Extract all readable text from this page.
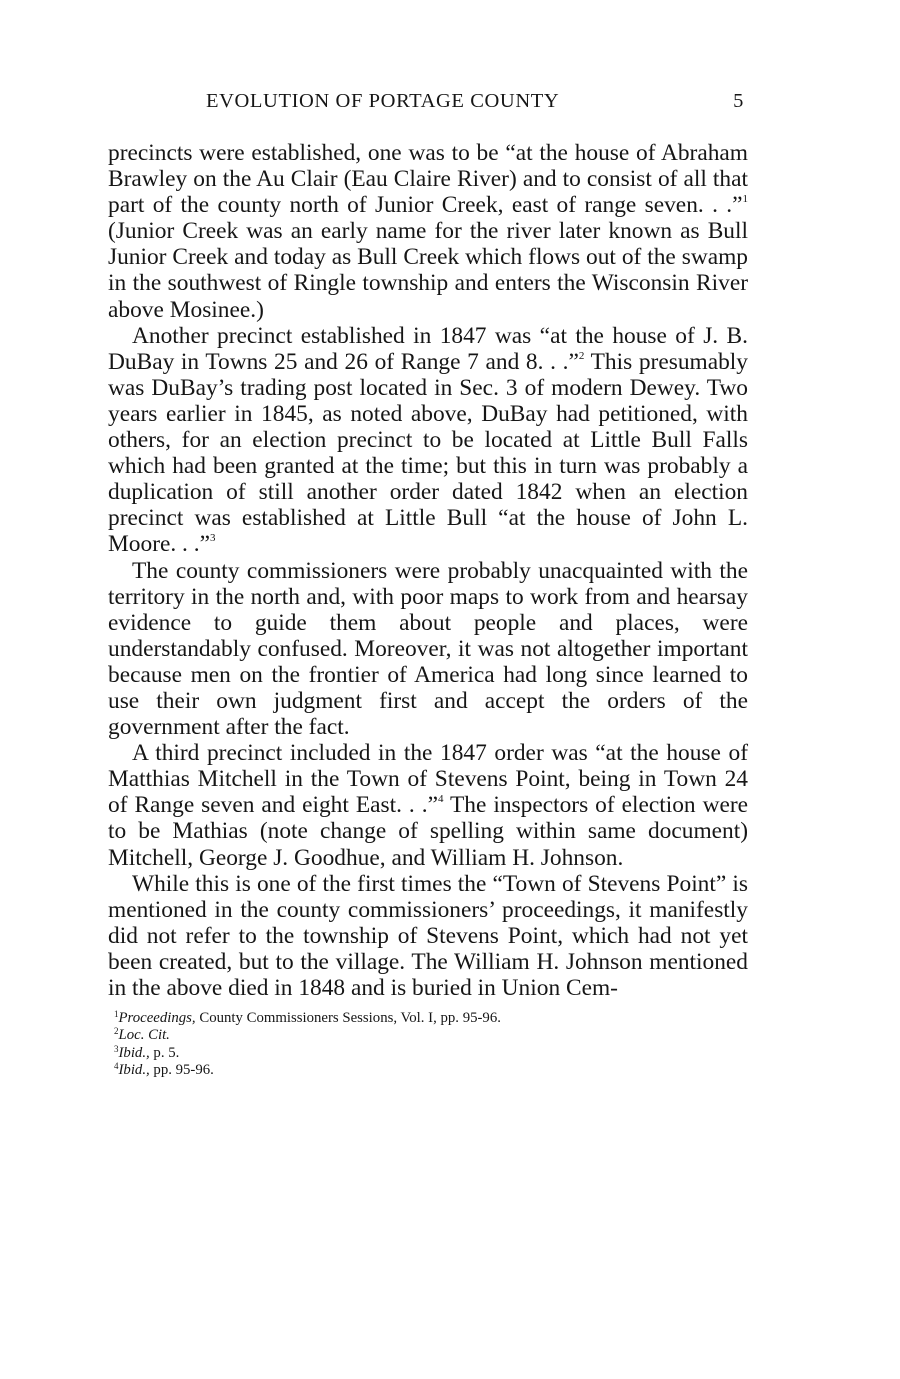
EVOLUTION OF PORTAGE COUNTY	5

precincts were established, one was to be “at the house of Abraham Brawley on the Au Clair (Eau Claire River) and to consist of all that part of the county north of Junior Creek, east of range seven. . .”$^1$ (Junior Creek was an early name for the river later known as Bull Junior Creek and today as Bull Creek which flows out of the swamp in the southwest of Ringle township and enters the Wisconsin River above Mosinee.)

Another precinct established in 1847 was “at the house of J. B. DuBay in Towns 25 and 26 of Range 7 and 8. . .”$^2$ This presumably was DuBay’s trading post located in Sec. 3 of modern Dewey. Two years earlier in 1845, as noted above, DuBay had petitioned, with others, for an election precinct to be located at Little Bull Falls which had been granted at the time; but this in turn was probably a duplication of still another order dated 1842 when an election precinct was established at Little Bull “at the house of John L. Moore. . .”$^3$

The county commissioners were probably unacquainted with the territory in the north and, with poor maps to work from and hearsay evidence to guide them about people and places, were understandably confused. Moreover, it was not altogether important because men on the frontier of America had long since learned to use their own judgment first and accept the orders of the government after the fact.

A third precinct included in the 1847 order was “at the house of Matthias Mitchell in the Town of Stevens Point, being in Town 24 of Range seven and eight East. . .”$^4$ The inspectors of election were to be Mathias (note change of spelling within same document) Mitchell, George J. Goodhue, and William H. Johnson.

While this is one of the first times the “Town of Stevens Point” is mentioned in the county commissioners’ proceedings, it manifestly did not refer to the township of Stevens Point, which had not yet been created, but to the village. The William H. Johnson mentioned in the above died in 1848 and is buried in Union Cem-

$^1$Proceedings, County Commissioners Sessions, Vol. I, pp. 95-96.

$^2$Loc. Cit.

$^3$Ibid., p. 5.

$^4$Ibid., pp. 95-96.
